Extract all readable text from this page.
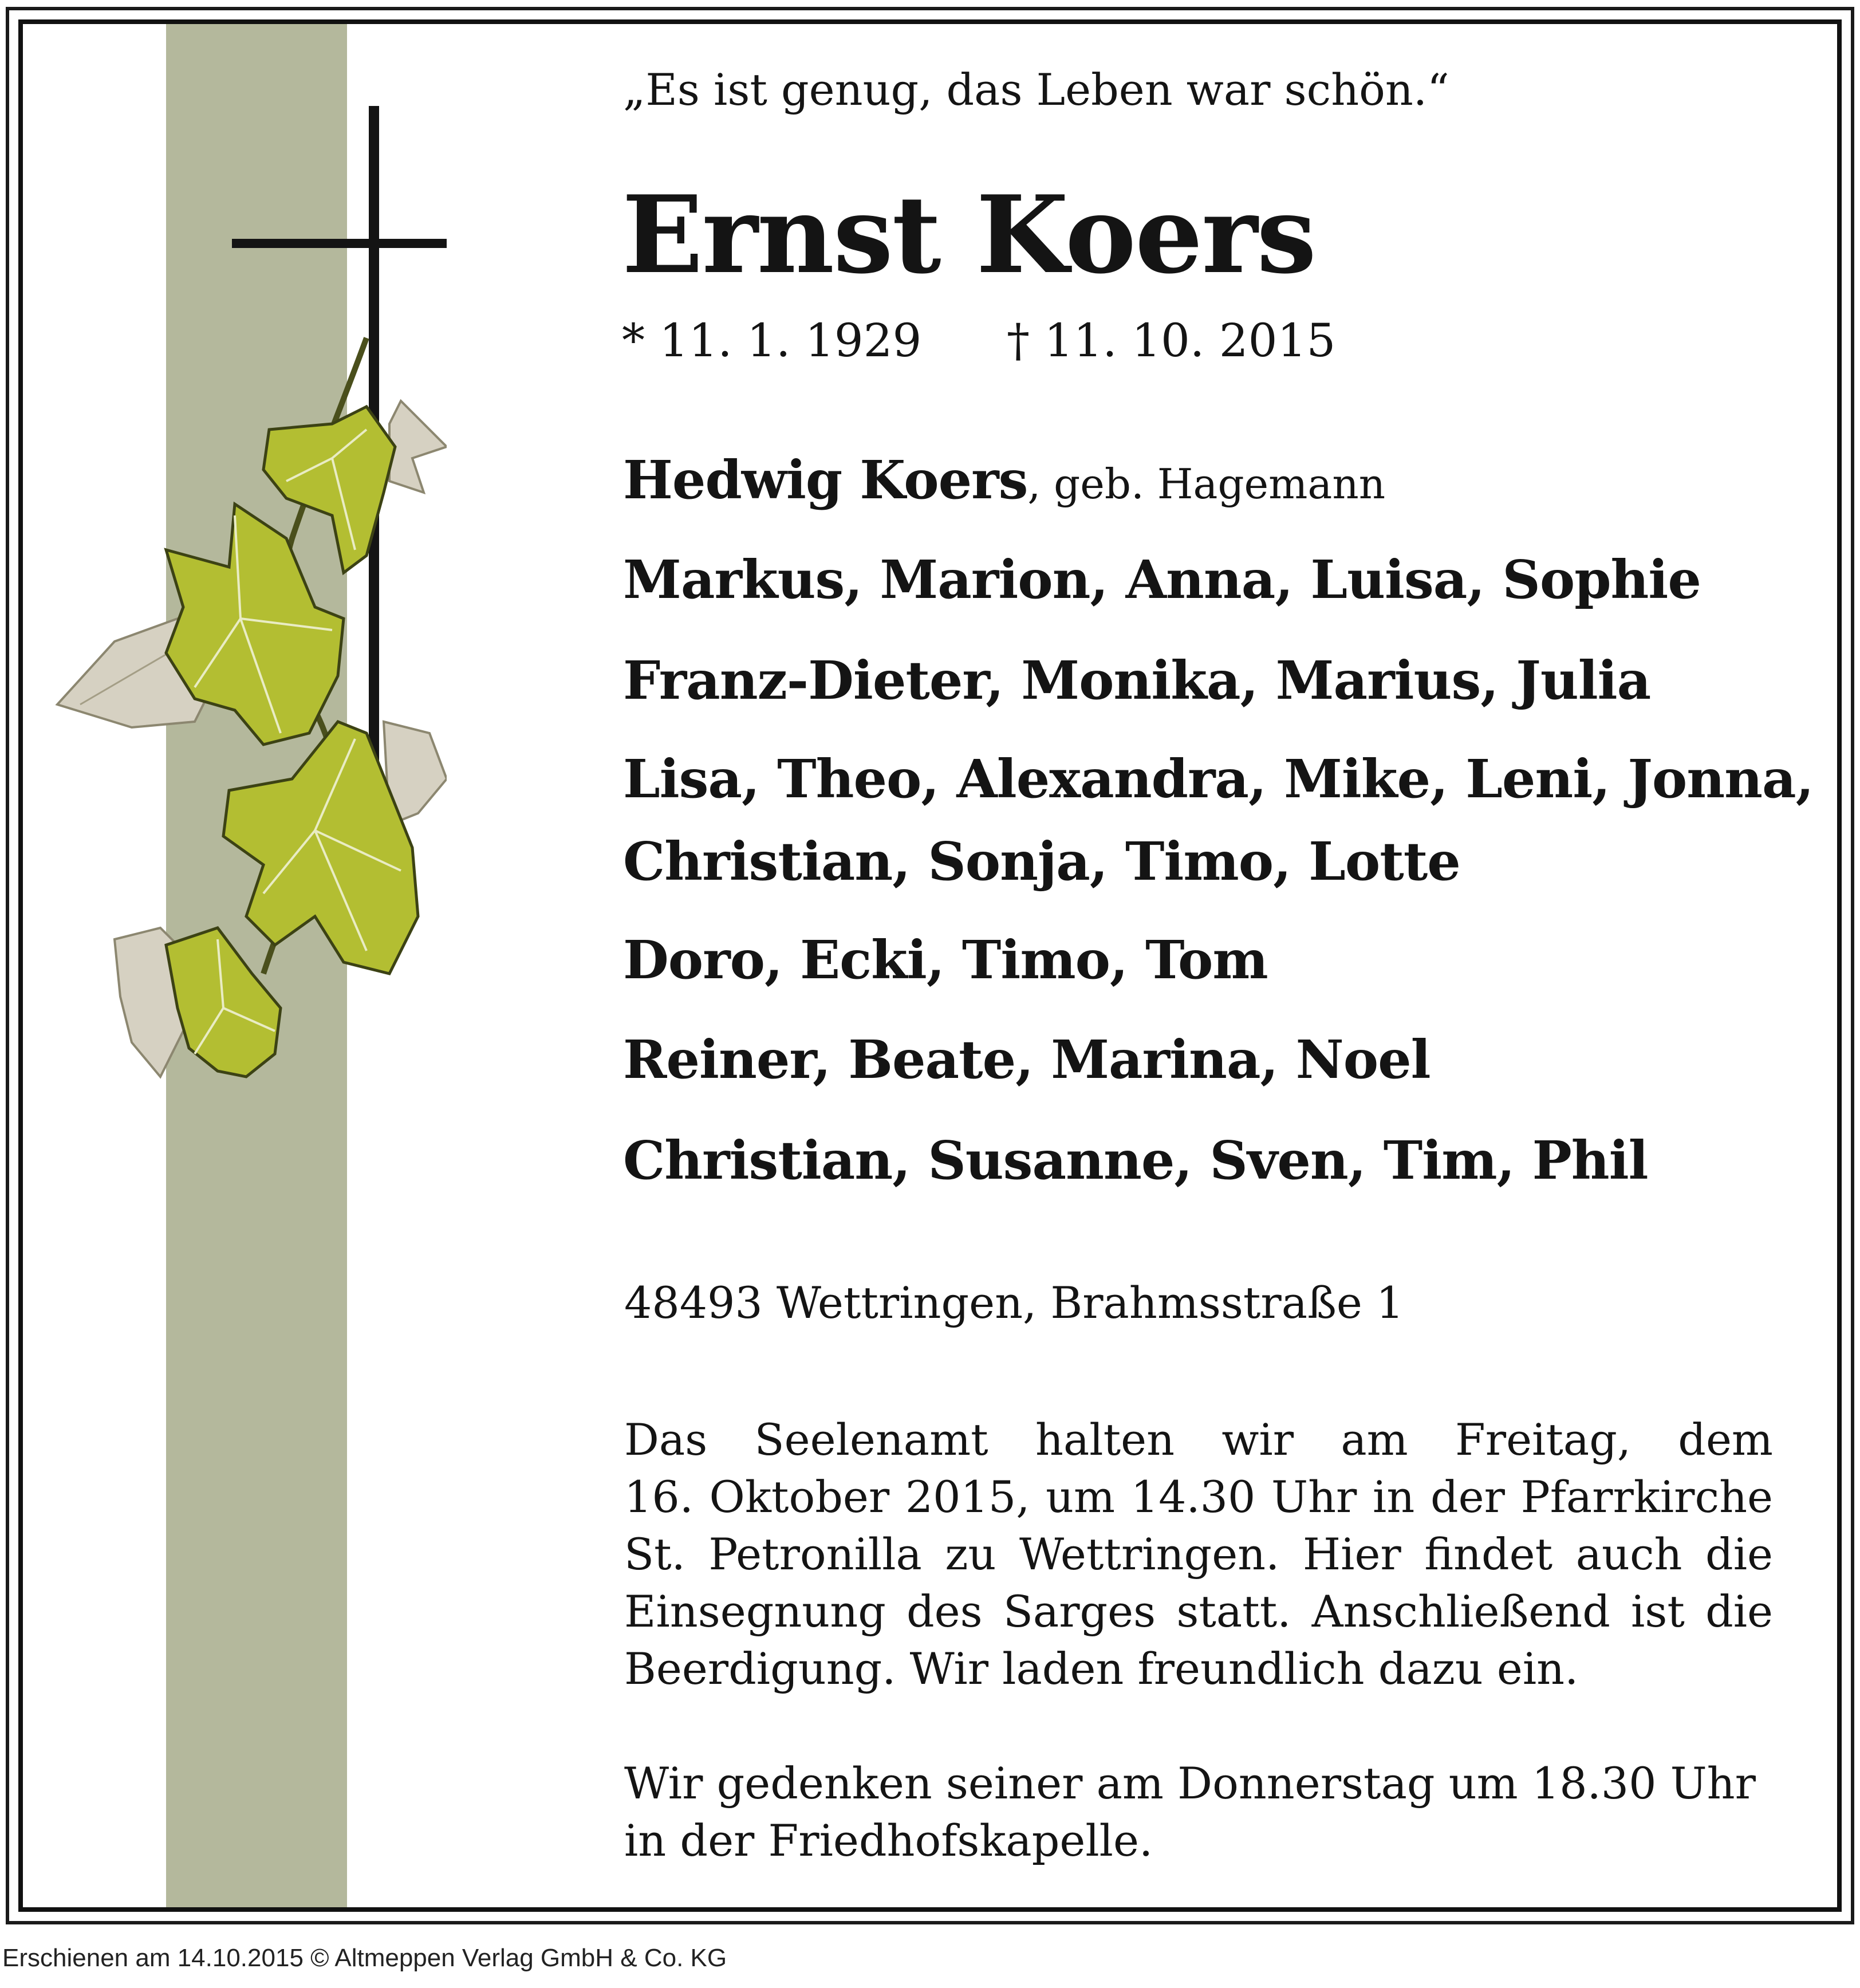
„Es ist genug, das Leben war schön.“
Ernst Koers
* 11. 1. 1929 † 11. 10. 2015
Hedwig Koers, geb. Hagemann
Markus, Marion, Anna, Luisa, Sophie
Franz-Dieter, Monika, Marius, Julia
Lisa, Theo, Alexandra, Mike, Leni, Jonna,
Christian, Sonja, Timo, Lotte
Doro, Ecki, Timo, Tom
Reiner, Beate, Marina, Noel
Christian, Susanne, Sven, Tim, Phil
48493 Wettringen, Brahmsstraße 1
Das Seelenamt halten wir am Freitag, dem
16. Oktober 2015, um 14.30 Uhr in der Pfarrkirche
St. Petronilla zu Wettringen. Hier findet auch die
Einsegnung des Sarges statt. Anschließend ist die
Beerdigung. Wir laden freundlich dazu ein.
Wir gedenken seiner am Donnerstag um 18.30 Uhr
in der Friedhofskapelle.
Erschienen am 14.10.2015 © Altmeppen Verlag GmbH & Co. KG
